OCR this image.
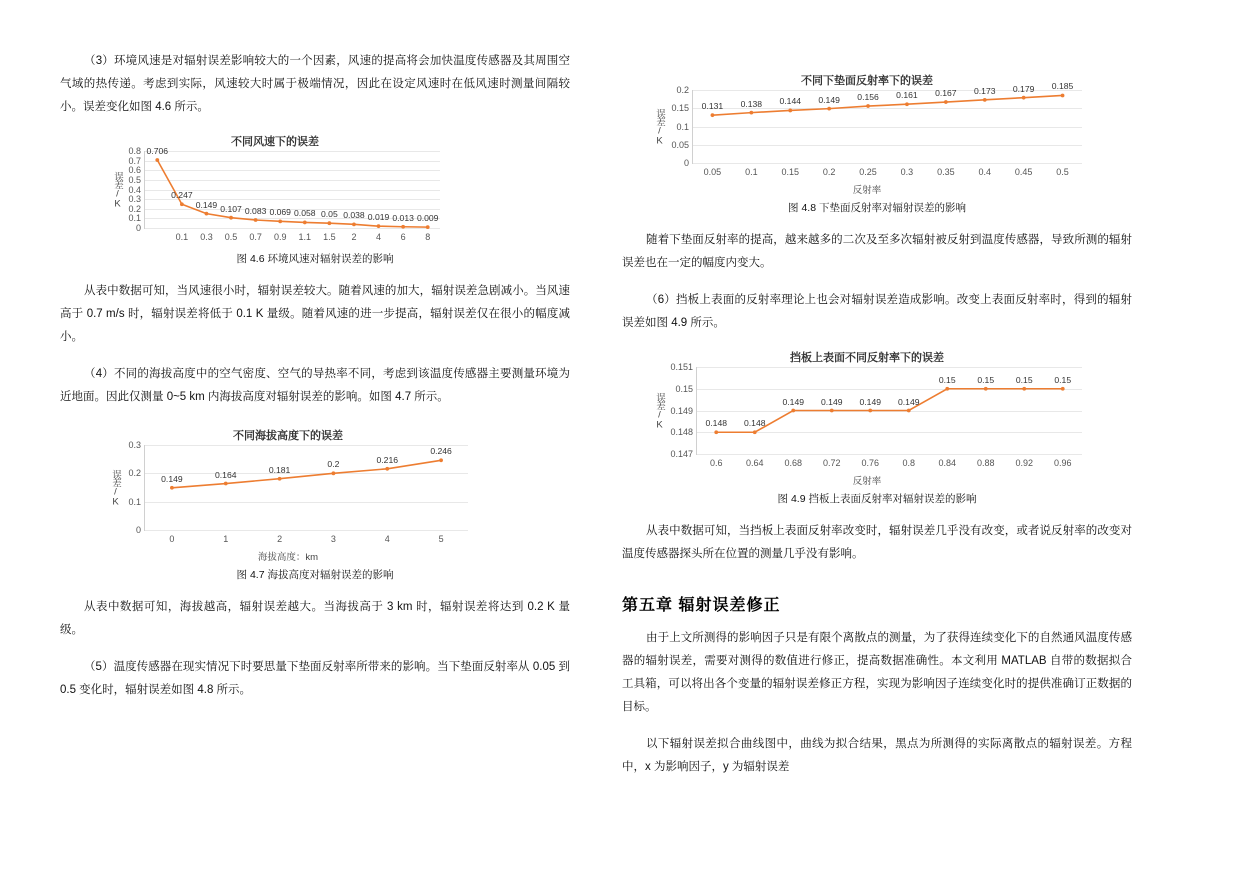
（3）环境风速是对辐射误差影响较大的一个因素，风速的提高将会加快温度传感器及其周围空气域的热传递。考虑到实际，风速较大时属于极端情况，因此在设定风速时在低风速时测量间隔较小。误差变化如图 4.6 所示。

不同风速下的误差
0
0.1
0.2
0.3
0.4
0.5
0.6
0.7
0.8
0.1 0.3 0.5 0.7 0.9 1.1 1.5 2 4 6 8
0.706
0.247
0.149 0.107 0.083 0.069 0.058 0.05 0.038 0.019 0.013 0.009
误差/K
图 4.6 环境风速对辐射误差的影响

从表中数据可知，当风速很小时，辐射误差较大。随着风速的加大，辐射误差急剧减小。当风速高于 0.7 m/s 时，辐射误差将低于 0.1 K 量级。随着风速的进一步提高，辐射误差仅在很小的幅度减小。

（4）不同的海拔高度中的空气密度、空气的导热率不同，考虑到该温度传感器主要测量环境为近地面。因此仅测量 0~5 km 内海拔高度对辐射误差的影响。如图 4.7 所示。

不同海拔高度下的误差
0
0.1
0.2
0.3
0	1	2	3	4	5
0.149	0.164	0.181
0.2	0.216
0.246
误差/K
海拔高度：km
图 4.7 海拔高度对辐射误差的影响

从表中数据可知，海拔越高，辐射误差越大。当海拔高于 3 km 时，辐射误差将达到 0.2 K 量级。

（5）温度传感器在现实情况下时要思量下垫面反射率所带来的影响。当下垫面反射率从 0.05 到 0.5 变化时，辐射误差如图 4.8 所示。

不同下垫面反射率下的误差
0
0.05
0.1
0.15
0.2
0.05	0.1	0.15	0.2	0.25	0.3	0.35	0.4	0.45	0.5
0.131 0.138 0.144 0.149 0.156 0.161 0.167 0.173 0.179 0.185
误差/K
反射率
图 4.8 下垫面反射率对辐射误差的影响

随着下垫面反射率的提高，越来越多的二次及至多次辐射被反射到温度传感器，导致所测的辐射误差也在一定的幅度内变大。

（6）挡板上表面的反射率理论上也会对辐射误差造成影响。改变上表面反射率时，得到的辐射误差如图 4.9 所示。

挡板上表面不同反射率下的误差
0.147
0.148
0.149
0.15
0.151
0.6	0.64 0.68 0.72 0.76	0.8	0.84 0.88 0.92 0.96
0.148 0.148
0.149 0.149 0.149 0.149
0.15	0.15	0.15	0.15
误差/K
反射率
图 4.9 挡板上表面反射率对辐射误差的影响

从表中数据可知，当挡板上表面反射率改变时，辐射误差几乎没有改变，或者说反射率的改变对温度传感器探头所在位置的测量几乎没有影响。

第五章 辐射误差修正

由于上文所测得的影响因子只是有限个离散点的测量，为了获得连续变化下的自然通风温度传感器的辐射误差，需要对测得的数值进行修正，提高数据准确性。本文利用 MATLAB 自带的数据拟合工具箱，可以将出各个变量的辐射误差修正方程，实现为影响因子连续变化时的提供准确订正数据的目标。

以下辐射误差拟合曲线图中，曲线为拟合结果，黑点为所测得的实际离散点的辐射误差。方程中，x 为影响因子，y 为辐射误差
